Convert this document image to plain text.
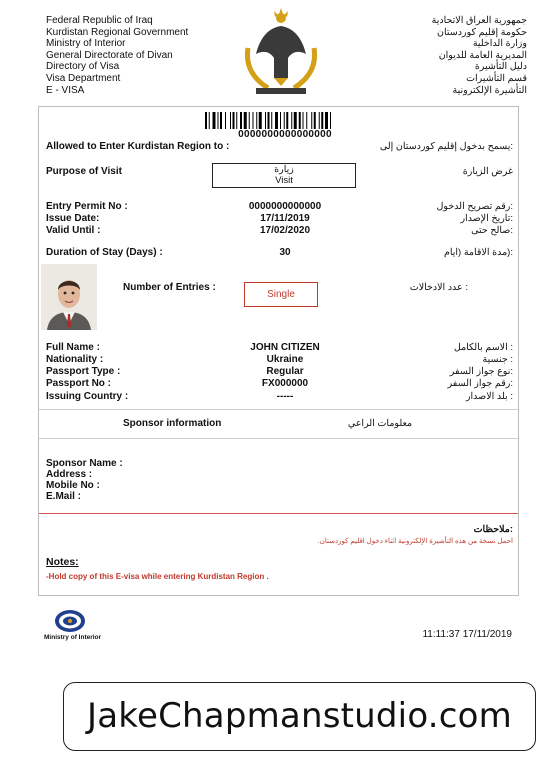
Federal Republic of Iraq
Kurdistan Regional Government
Ministry of Interior
General Directorate of Divan
Directory of Visa
Visa Department
E - VISA
جمهورية العراق الاتحادية
حكومة إقليم كوردستان
وزارة الداخلية
المديرية العامة للديوان
دليل التأشيرة
قسم التأشيرات
التأشيرة الإلكترونية
0000000000000000
Allowed to Enter Kurdistan Region to :	:يسمح بدخول إقليم كوردستان إلى
Purpose of Visit	زيارة
Visit
غرض الزيارة
Entry Permit No :	0000000000000	:رقم تصريح الدخول
Issue Date:	17/11/2019	:تاريخ الإصدار
Valid Until :	17/02/2020	:صالح حتى
Duration of Stay (Days) :	30	:(مدة الاقامة (ايام
Number of Entries :
Single
: عدد الادخالات
Full Name :	JOHN CITIZEN	: الاسم بالكامل
Nationality :	Ukraine	: جنسية
Passport Type :	Regular	:نوع جواز السفر
Passport No :	FX000000	:رقم جواز السفر
Issuing Country :	-----	: بلد الاصدار
Sponsor information	معلومات الراعي
Sponsor Name :
Address :
Mobile No :
E.Mail :
:ملاحظات
احمل نسخة من هذه التأشيرة الإلكترونية اثناء دخول اقليم كوردستان.
Notes:
-Hold copy of this E-visa while entering Kurdistan Region .
Ministry of Interior	11:11:37 17/11/2019
JakeChapmanstudio.com
